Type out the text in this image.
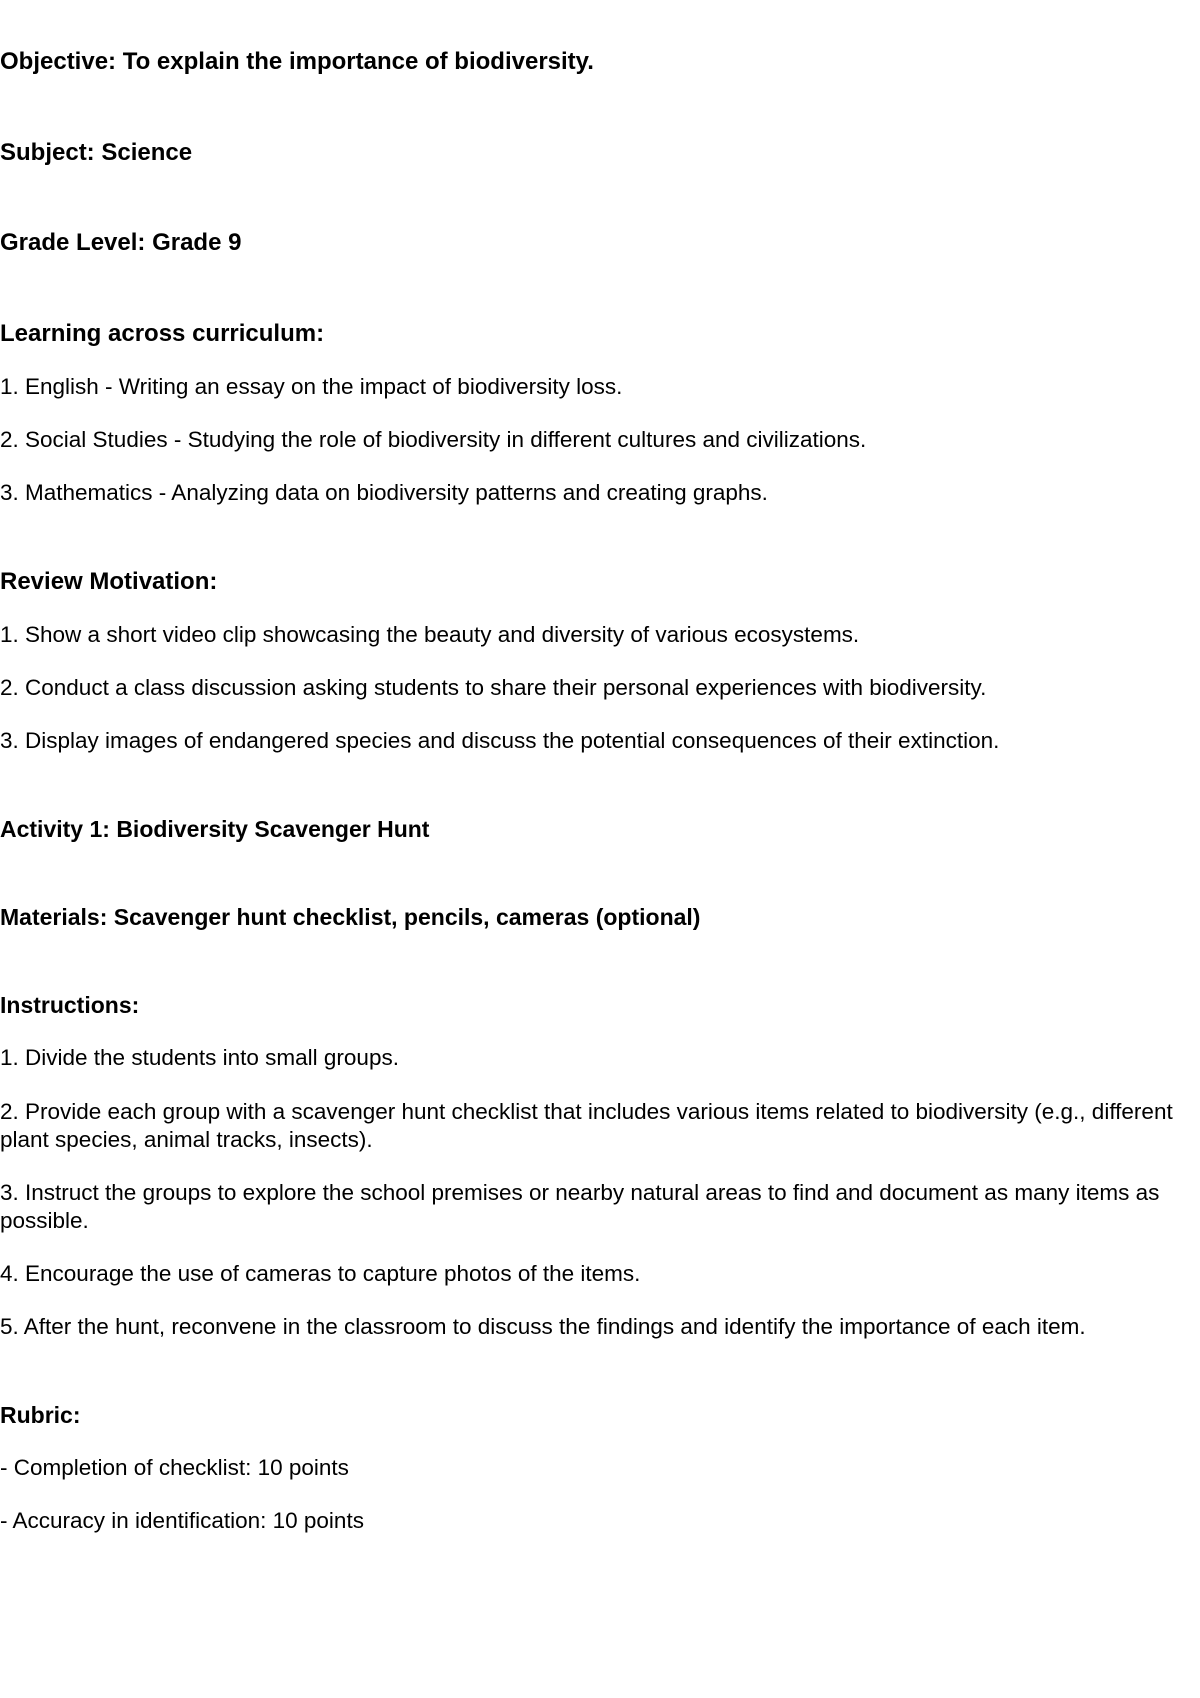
Objective: To explain the importance of biodiversity.

Subject: Science

Grade Level: Grade 9

Learning across curriculum:

1. English - Writing an essay on the impact of biodiversity loss.

2. Social Studies - Studying the role of biodiversity in different cultures and civilizations.

3. Mathematics - Analyzing data on biodiversity patterns and creating graphs.

Review Motivation:

1. Show a short video clip showcasing the beauty and diversity of various ecosystems.

2. Conduct a class discussion asking students to share their personal experiences with biodiversity.

3. Display images of endangered species and discuss the potential consequences of their extinction.

Activity 1: Biodiversity Scavenger Hunt

Materials: Scavenger hunt checklist, pencils, cameras (optional)

Instructions:

1. Divide the students into small groups.

2. Provide each group with a scavenger hunt checklist that includes various items related to biodiversity (e.g., different plant species, animal tracks, insects).

3. Instruct the groups to explore the school premises or nearby natural areas to find and document as many items as possible.

4. Encourage the use of cameras to capture photos of the items.

5. After the hunt, reconvene in the classroom to discuss the findings and identify the importance of each item.

Rubric:

- Completion of checklist: 10 points

- Accuracy in identification: 10 points
